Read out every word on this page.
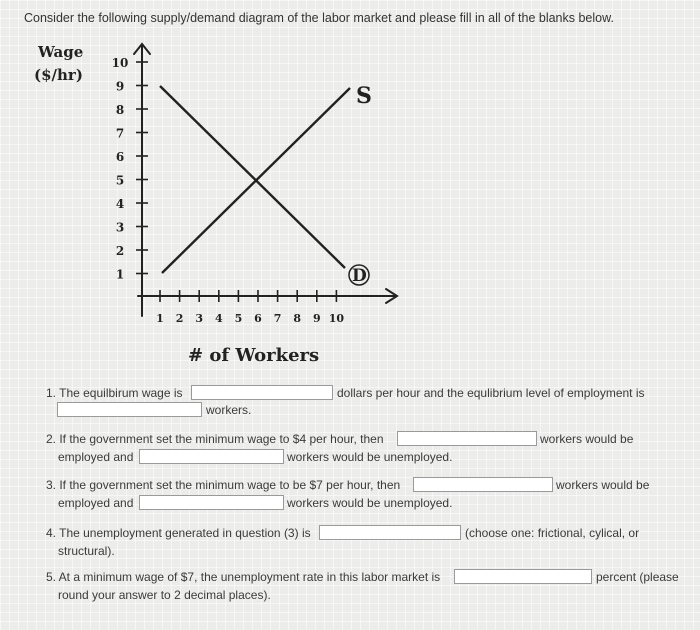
Consider the following supply/demand diagram of the labor market and please fill in all of the blanks below.
10
9
8
7
6
5
4
3
2
1
1 2 3 4 5 6 7 8 9 10
S
D
Wage
($/hr)
# of Workers
1. The equilbirum wage is	dollars per hour and the equlibrium level of employment is
workers.
2. If the government set the minimum wage to $4 per hour, then	workers would be
employed and	workers would be unemployed.
3. If the government set the minimum wage to be $7 per hour, then	workers would be
employed and	workers would be unemployed.
4. The unemployment generated in question (3) is	(choose one: frictional, cylical, or
structural).
5. At a minimum wage of $7, the unemployment rate in this labor market is	percent (please
round your answer to 2 decimal places).
